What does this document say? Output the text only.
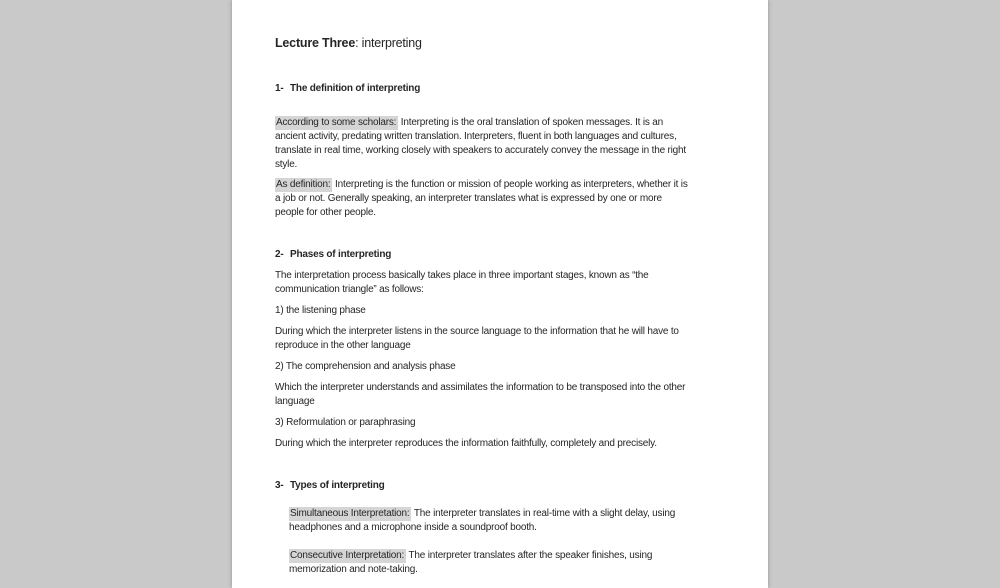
Lecture Three: interpreting
1- The definition of interpreting

According to some scholars: Interpreting is the oral translation of spoken messages. It is an ancient activity, predating written translation. Interpreters, fluent in both languages and cultures, translate in real time, working closely with speakers to accurately convey the message in the right style.

As definition: Interpreting is the function or mission of people working as interpreters, whether it is a job or not. Generally speaking, an interpreter translates what is expressed by one or more people for other people.

2- Phases of interpreting

The interpretation process basically takes place in three important stages, known as “the communication triangle” as follows:

1) the listening phase

During which the interpreter listens in the source language to the information that he will have to reproduce in the other language

2) The comprehension and analysis phase

Which the interpreter understands and assimilates the information to be transposed into the other language

3) Reformulation or paraphrasing

During which the interpreter reproduces the information faithfully, completely and precisely.

3- Types of interpreting

Simultaneous Interpretation: The interpreter translates in real-time with a slight delay, using headphones and a microphone inside a soundproof booth.

Consecutive Interpretation: The interpreter translates after the speaker finishes, using memorization and note-taking.
